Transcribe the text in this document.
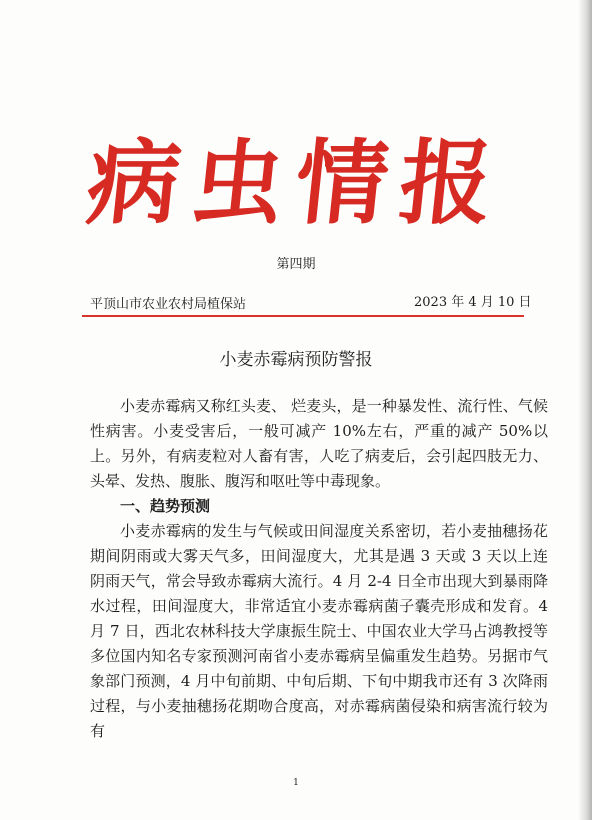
病虫情报
第四期
平顶山市农业农村局植保站	2023 年 4 月 10 日
小麦赤霉病预防警报

小麦赤霉病又称红头麦、 烂麦头，是一种暴发性、流行性、气候性病害。小麦受害后，一般可减产 10%左右，严重的减产 50%以上。另外，有病麦粒对人畜有害，人吃了病麦后，会引起四肢无力、头晕、发热、腹胀、腹泻和呕吐等中毒现象。

一、趋势预测

小麦赤霉病的发生与气候或田间湿度关系密切，若小麦抽穗扬花期间阴雨或大雾天气多，田间湿度大，尤其是遇 3 天或 3 天以上连阴雨天气，常会导致赤霉病大流行。4 月 2-4 日全市出现大到暴雨降水过程，田间湿度大，非常适宜小麦赤霉病菌子囊壳形成和发育。4 月 7 日，西北农林科技大学康振生院士、中国农业大学马占鸿教授等多位国内知名专家预测河南省小麦赤霉病呈偏重发生趋势。另据市气象部门预测，4 月中旬前期、中旬后期、下旬中期我市还有 3 次降雨过程，与小麦抽穗扬花期吻合度高，对赤霉病菌侵染和病害流行较为有

1
